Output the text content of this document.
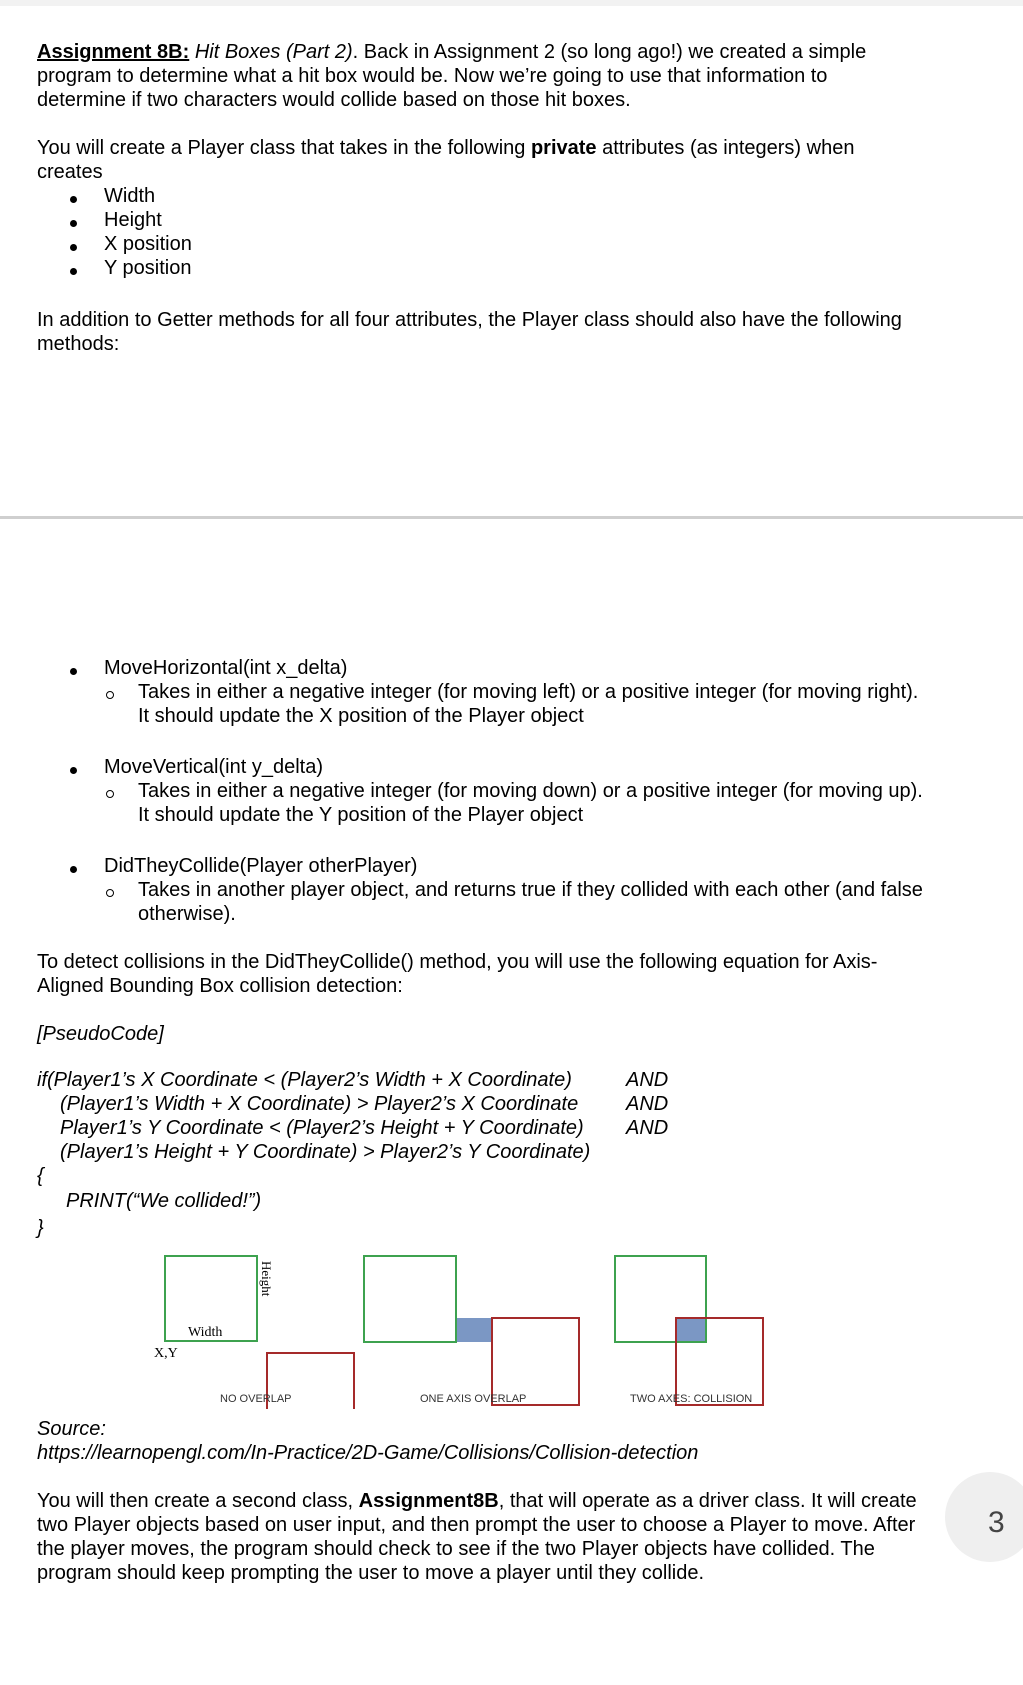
Assignment 8B: Hit Boxes (Part 2). Back in Assignment 2 (so long ago!) we created a simple program to determine what a hit box would be. Now we’re going to use that information to determine if two characters would collide based on those hit boxes.

You will create a Player class that takes in the following private attributes (as integers) when creates

Width
Height
X position
Y position

In addition to Getter methods for all four attributes, the Player class should also have the following methods:

MoveHorizontal(int x_delta)
Takes in either a negative integer (for moving left) or a positive integer (for moving right). It should update the X position of the Player object
MoveVertical(int y_delta)
Takes in either a negative integer (for moving down) or a positive integer (for moving up). It should update the Y position of the Player object
DidTheyCollide(Player otherPlayer)
Takes in another player object, and returns true if they collided with each other (and false otherwise).

To detect collisions in the DidTheyCollide() method, you will use the following equation for Axis-Aligned Bounding Box collision detection:

[PseudoCode]
if(Player1’s X Coordinate < (Player2’s Width + X Coordinate)
(Player1’s Width + X Coordinate) > Player2’s X Coordinate
Player1’s Y Coordinate < (Player2’s Height + Y Coordinate)
(Player1’s Height + Y Coordinate) > Player2’s Y Coordinate)
AND
AND
AND
{
PRINT(“We collided!”)
}
Width
X,Y
Height
NO OVERLAP	ONE AXIS OVERLAP	TWO AXES: COLLISION
Source:
https://learnopengl.com/In-Practice/2D-Game/Collisions/Collision-detection

You will then create a second class, Assignment8B, that will operate as a driver class. It will create two Player objects based on user input, and then prompt the user to choose a Player to move. After the player moves, the program should check to see if the two Player objects have collided. The program should keep prompting the user to move a player until they collide.

3
